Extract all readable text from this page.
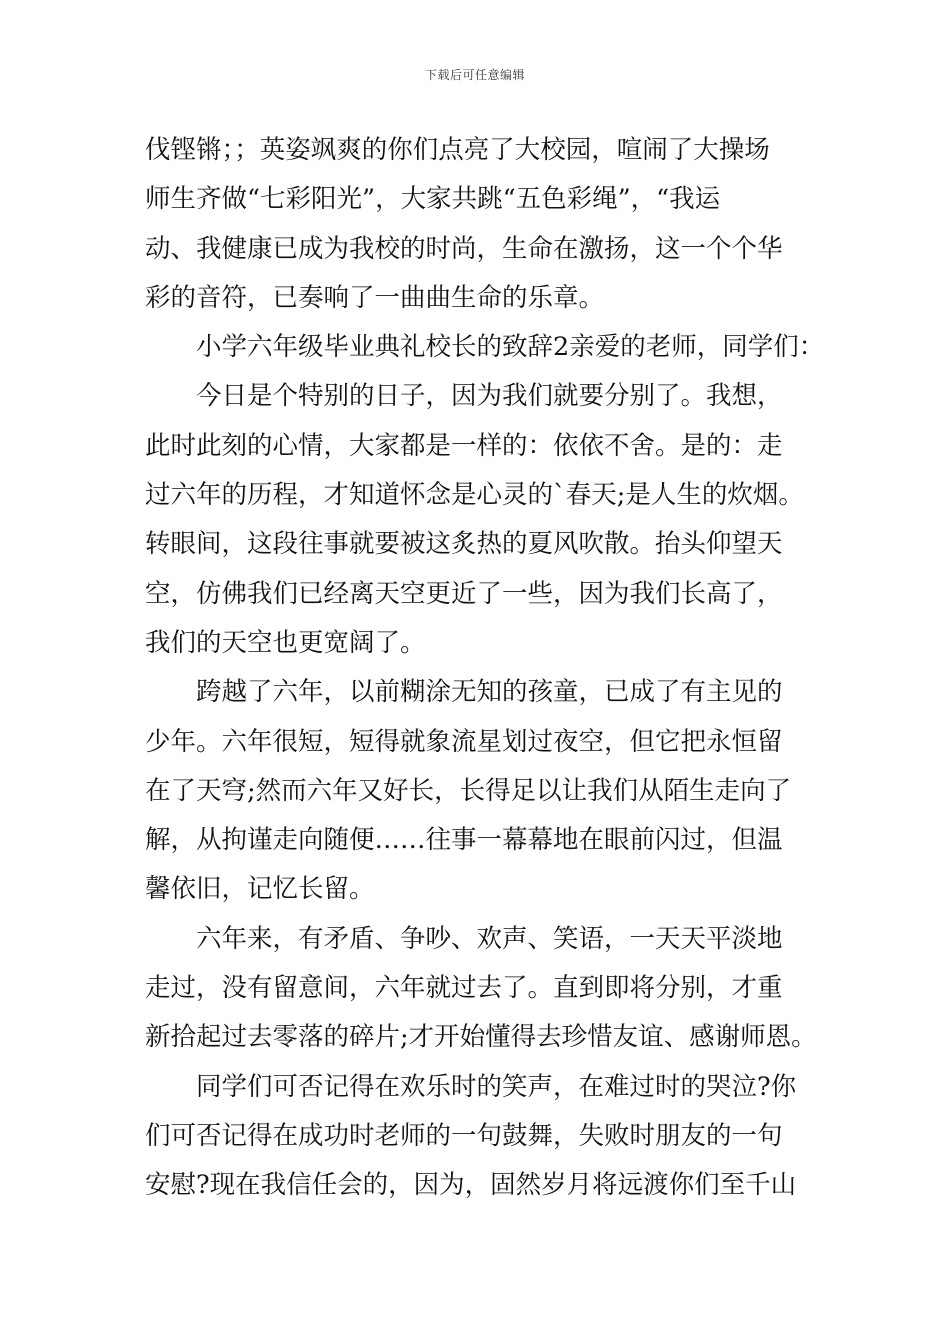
下载后可任意编辑
伐铿锵；；英姿飒爽的你们点亮了大校园，喧闹了大操场
师生齐做“七彩阳光”，大家共跳“五色彩绳”，“我运
动、我健康已成为我校的时尚，生命在激扬，这一个个华
彩的音符，已奏响了一曲曲生命的乐章。
小学六年级毕业典礼校长的致辞2亲爱的老师，同学们：
今日是个特别的日子，因为我们就要分别了。我想，
此时此刻的心情，大家都是一样的：依依不舍。是的：走
过六年的历程，才知道怀念是心灵的`春天;是人生的炊烟。
转眼间，这段往事就要被这炙热的夏风吹散。抬头仰望天
空，仿佛我们已经离天空更近了一些，因为我们长高了，
我们的天空也更宽阔了。
跨越了六年，以前糊涂无知的孩童，已成了有主见的
少年。六年很短，短得就象流星划过夜空，但它把永恒留
在了天穹;然而六年又好长，长得足以让我们从陌生走向了
解，从拘谨走向随便……往事一幕幕地在眼前闪过，但温
馨依旧，记忆长留。
六年来，有矛盾、争吵、欢声、笑语，一天天平淡地
走过，没有留意间，六年就过去了。直到即将分别，才重
新拾起过去零落的碎片;才开始懂得去珍惜友谊、感谢师恩。
同学们可否记得在欢乐时的笑声，在难过时的哭泣?你
们可否记得在成功时老师的一句鼓舞，失败时朋友的一句
安慰?现在我信任会的，因为，固然岁月将远渡你们至千山
